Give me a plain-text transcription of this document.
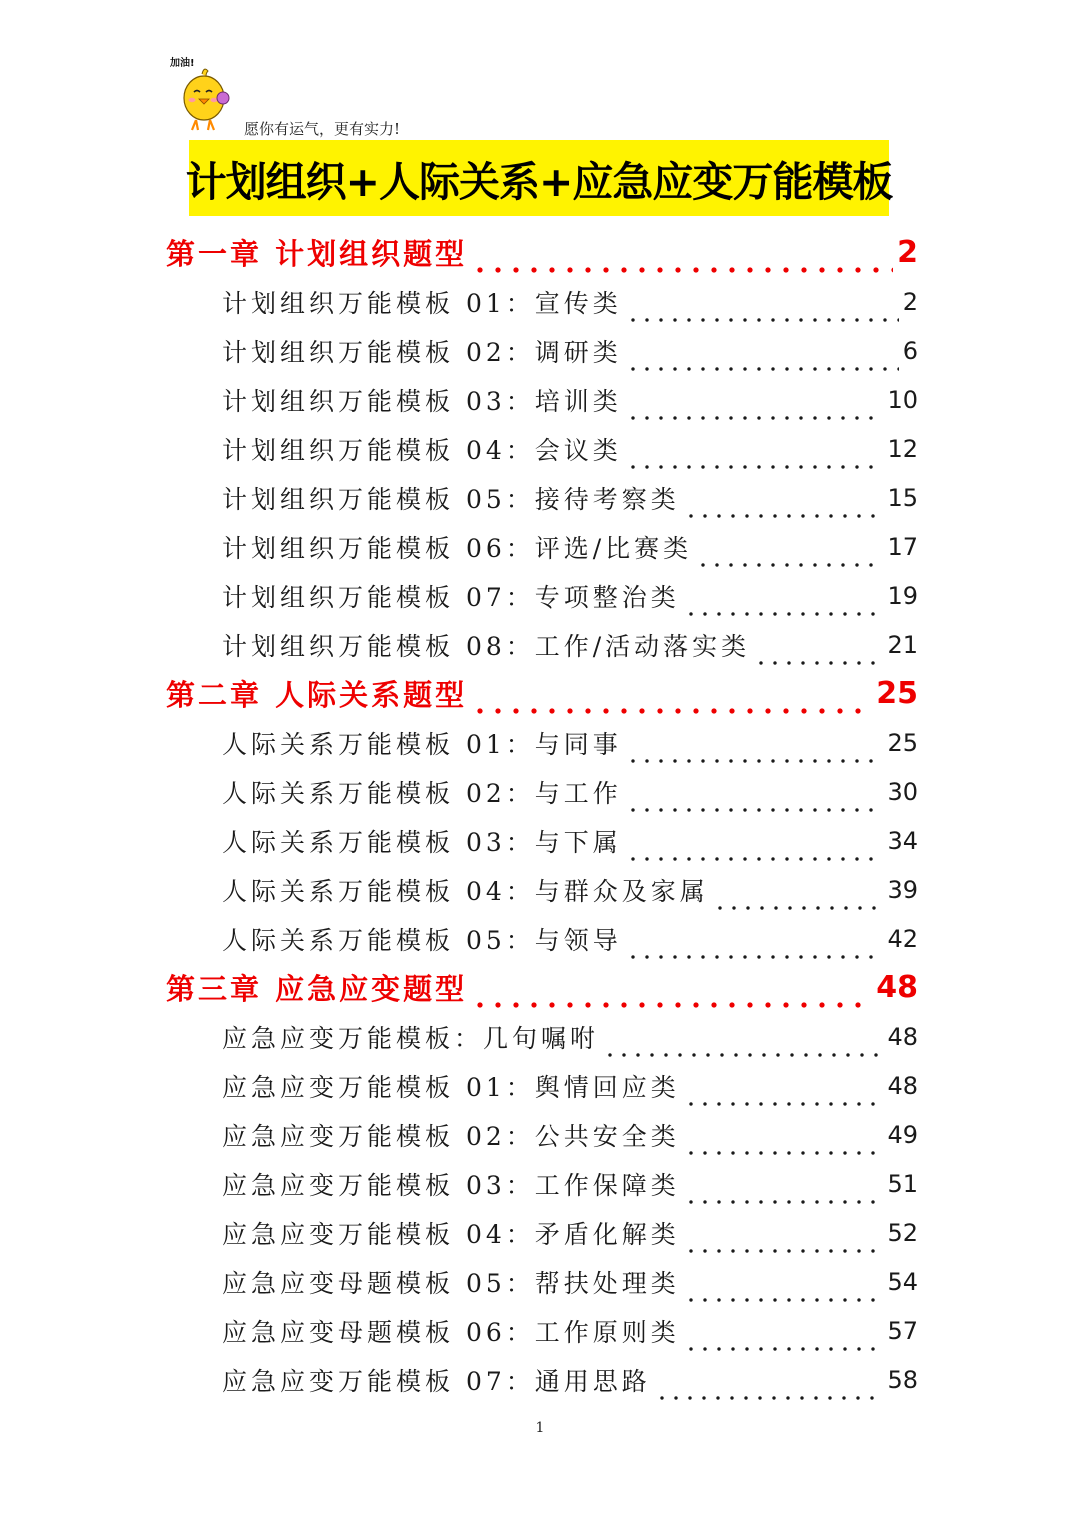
加油!
愿你有运气，更有实力!
计划组织+人际关系+应急应变万能模板
第一章 计划组织题型	2
计划组织万能模板 01：宣传类	2
计划组织万能模板 02：调研类	6
计划组织万能模板 03：培训类	10
计划组织万能模板 04：会议类	12
计划组织万能模板 05：接待考察类	15
计划组织万能模板 06：评选/比赛类	17
计划组织万能模板 07：专项整治类	19
计划组织万能模板 08：工作/活动落实类	21
第二章 人际关系题型	25
人际关系万能模板 01：与同事	25
人际关系万能模板 02：与工作	30
人际关系万能模板 03：与下属	34
人际关系万能模板 04：与群众及家属	39
人际关系万能模板 05：与领导	42
第三章 应急应变题型	48
应急应变万能模板：几句嘱咐	48
应急应变万能模板 01：舆情回应类	48
应急应变万能模板 02：公共安全类	49
应急应变万能模板 03：工作保障类	51
应急应变万能模板 04：矛盾化解类	52
应急应变母题模板 05：帮扶处理类	54
应急应变母题模板 06：工作原则类	57
应急应变万能模板 07：通用思路	58
1
